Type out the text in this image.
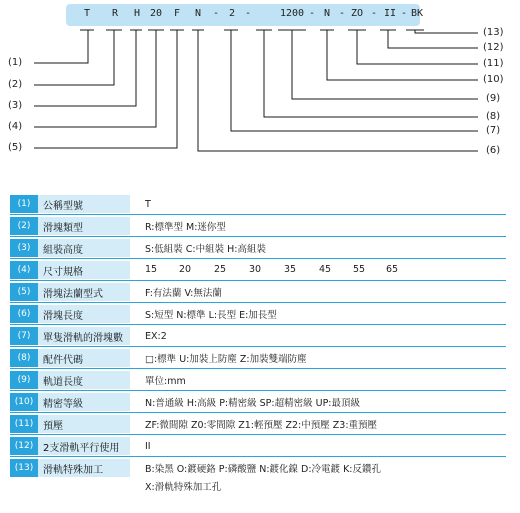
T R H 20 F N - 2 -	1200 - N - ZO - II - BK
(1)
(2)
(3)
(4)
(5)	(6)
(7)
(8)
(9)
(10)
(11)
(12)
(13)
(1)	公稱型號	T
(2)	滑塊類型	R:標準型 M:迷你型
(3)	組裝高度	S:低組裝 C:中組裝 H:高組裝
(4)	尺寸規格	15 20 25 30 35 45 55 65
(5)	滑塊法蘭型式	F:有法蘭 V:無法蘭
(6)	滑塊長度	S:短型 N:標準 L:長型 E:加長型
(7)	單隻滑軌的滑塊數	EX:2
(8)	配件代碼	□:標準 U:加裝上防塵 Z:加裝雙端防塵
(9)	軌道長度	單位:mm
(10) 精密等級	N:普通級 H:高級 P:精密級 SP:超精密級 UP:最頂級
(11) 預壓	ZF:微間隙 Z0:零間隙 Z1:輕預壓 Z2:中預壓 Z3:重預壓
(12) 2支滑軌平行使用	II
(13) 滑軌特殊加工	B:染黑 O:鍍硬鉻 P:磷酸鹽 N:鍍化鎳 D:冷電鍍 K:反鑽孔
X:滑軌特殊加工孔
